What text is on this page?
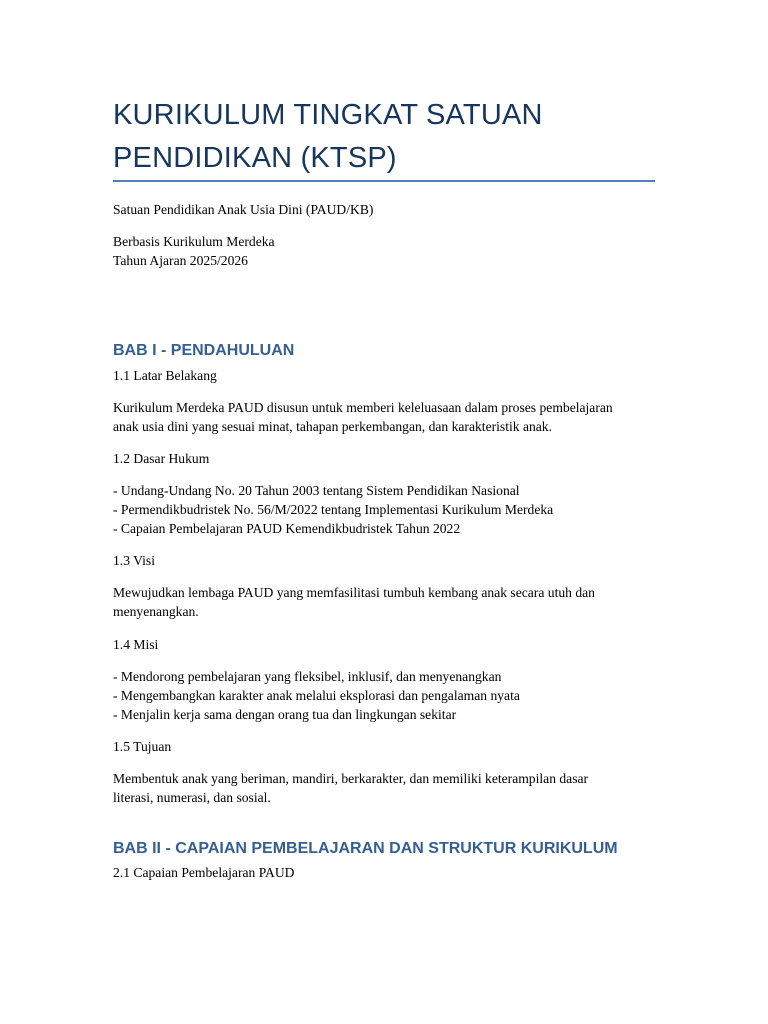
KURIKULUM TINGKAT SATUAN
PENDIDIKAN (KTSP)
Satuan Pendidikan Anak Usia Dini (PAUD/KB)
Berbasis Kurikulum Merdeka
Tahun Ajaran 2025/2026
BAB I - PENDAHULUAN
1.1 Latar Belakang
Kurikulum Merdeka PAUD disusun untuk memberi keleluasaan dalam proses pembelajaran
anak usia dini yang sesuai minat, tahapan perkembangan, dan karakteristik anak.
1.2 Dasar Hukum
- Undang-Undang No. 20 Tahun 2003 tentang Sistem Pendidikan Nasional
- Permendikbudristek No. 56/M/2022 tentang Implementasi Kurikulum Merdeka
- Capaian Pembelajaran PAUD Kemendikbudristek Tahun 2022
1.3 Visi
Mewujudkan lembaga PAUD yang memfasilitasi tumbuh kembang anak secara utuh dan
menyenangkan.
1.4 Misi
- Mendorong pembelajaran yang fleksibel, inklusif, dan menyenangkan
- Mengembangkan karakter anak melalui eksplorasi dan pengalaman nyata
- Menjalin kerja sama dengan orang tua dan lingkungan sekitar
1.5 Tujuan
Membentuk anak yang beriman, mandiri, berkarakter, dan memiliki keterampilan dasar
literasi, numerasi, dan sosial.
BAB II - CAPAIAN PEMBELAJARAN DAN STRUKTUR KURIKULUM
2.1 Capaian Pembelajaran PAUD
